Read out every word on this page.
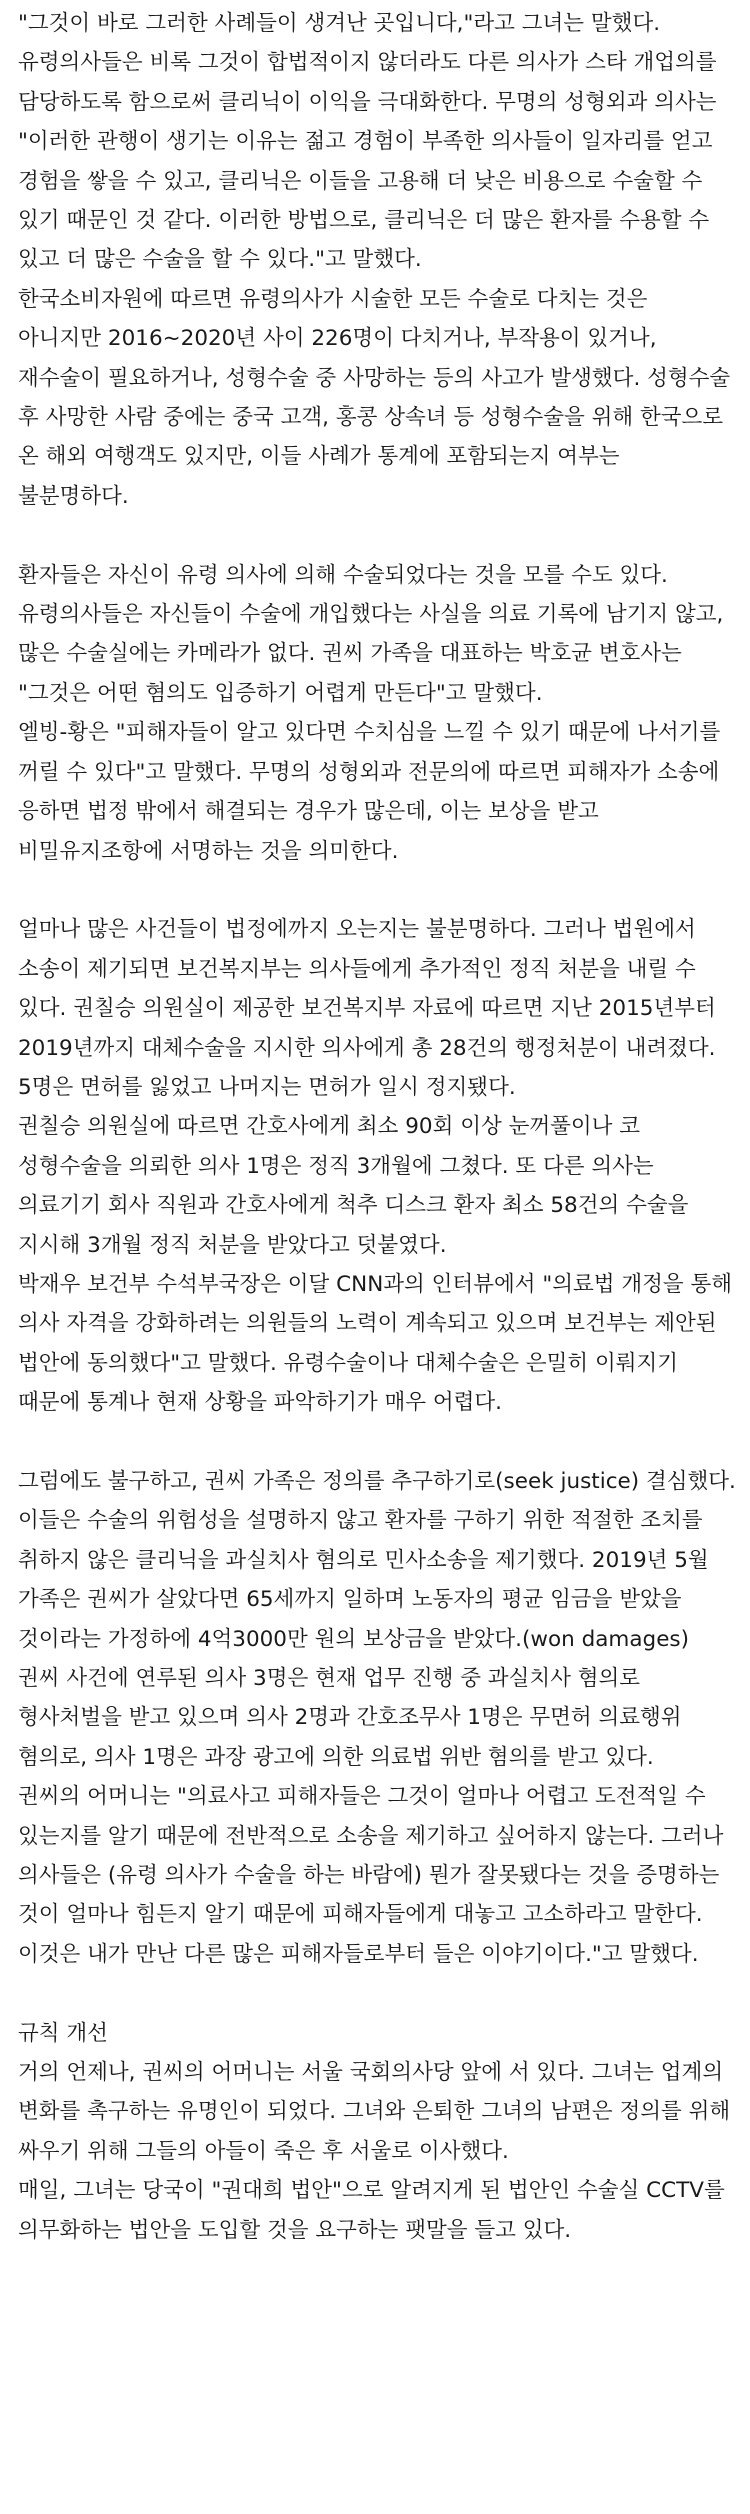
"그것이 바로 그러한 사례들이 생겨난 곳입니다,"라고 그녀는 말했다.

유령의사들은 비록 그것이 합법적이지 않더라도 다른 의사가 스타 개업의를 담당하도록 함으로써 클리닉이 이익을 극대화한다. 무명의 성형외과 의사는 "이러한 관행이 생기는 이유는 젊고 경험이 부족한 의사들이 일자리를 얻고 경험을 쌓을 수 있고, 클리닉은 이들을 고용해 더 낮은 비용으로 수술할 수 있기 때문인 것 같다. 이러한 방법으로, 클리닉은 더 많은 환자를 수용할 수 있고 더 많은 수술을 할 수 있다."고 말했다.

한국소비자원에 따르면 유령의사가 시술한 모든 수술로 다치는 것은 아니지만 2016~2020년 사이 226명이 다치거나, 부작용이 있거나, 재수술이 필요하거나, 성형수술 중 사망하는 등의 사고가 발생했다. 성형수술 후 사망한 사람 중에는 중국 고객, 홍콩 상속녀 등 성형수술을 위해 한국으로 온 해외 여행객도 있지만, 이들 사례가 통계에 포함되는지 여부는 불분명하다.

환자들은 자신이 유령 의사에 의해 수술되었다는 것을 모를 수도 있다. 유령의사들은 자신들이 수술에 개입했다는 사실을 의료 기록에 남기지 않고, 많은 수술실에는 카메라가 없다. 권씨 가족을 대표하는 박호균 변호사는 "그것은 어떤 혐의도 입증하기 어렵게 만든다"고 말했다.

엘빙-황은 "피해자들이 알고 있다면 수치심을 느낄 수 있기 때문에 나서기를 꺼릴 수 있다"고 말했다. 무명의 성형외과 전문의에 따르면 피해자가 소송에 응하면 법정 밖에서 해결되는 경우가 많은데, 이는 보상을 받고 비밀유지조항에 서명하는 것을 의미한다.

얼마나 많은 사건들이 법정에까지 오는지는 불분명하다. 그러나 법원에서 소송이 제기되면 보건복지부는 의사들에게 추가적인 정직 처분을 내릴 수 있다. 권칠승 의원실이 제공한 보건복지부 자료에 따르면 지난 2015년부터 2019년까지 대체수술을 지시한 의사에게 총 28건의 행정처분이 내려졌다. 5명은 면허를 잃었고 나머지는 면허가 일시 정지됐다.

권칠승 의원실에 따르면 간호사에게 최소 90회 이상 눈꺼풀이나 코 성형수술을 의뢰한 의사 1명은 정직 3개월에 그쳤다. 또 다른 의사는 의료기기 회사 직원과 간호사에게 척추 디스크 환자 최소 58건의 수술을 지시해 3개월 정직 처분을 받았다고 덧붙였다.

박재우 보건부 수석부국장은 이달 CNN과의 인터뷰에서 "의료법 개정을 통해 의사 자격을 강화하려는 의원들의 노력이 계속되고 있으며 보건부는 제안된 법안에 동의했다"고 말했다. 유령수술이나 대체수술은 은밀히 이뤄지기 때문에 통계나 현재 상황을 파악하기가 매우 어렵다.

그럼에도 불구하고, 권씨 가족은 정의를 추구하기로(seek justice) 결심했다. 이들은 수술의 위험성을 설명하지 않고 환자를 구하기 위한 적절한 조치를 취하지 않은 클리닉을 과실치사 혐의로 민사소송을 제기했다. 2019년 5월 가족은 권씨가 살았다면 65세까지 일하며 노동자의 평균 임금을 받았을 것이라는 가정하에 4억3000만 원의 보상금을 받았다.(won damages)

권씨 사건에 연루된 의사 3명은 현재 업무 진행 중 과실치사 혐의로 형사처벌을 받고 있으며 의사 2명과 간호조무사 1명은 무면허 의료행위 혐의로, 의사 1명은 과장 광고에 의한 의료법 위반 혐의를 받고 있다.

권씨의 어머니는 "의료사고 피해자들은 그것이 얼마나 어렵고 도전적일 수 있는지를 알기 때문에 전반적으로 소송을 제기하고 싶어하지 않는다. 그러나 의사들은 (유령 의사가 수술을 하는 바람에) 뭔가 잘못됐다는 것을 증명하는 것이 얼마나 힘든지 알기 때문에 피해자들에게 대놓고 고소하라고 말한다. 이것은 내가 만난 다른 많은 피해자들로부터 들은 이야기이다."고 말했다.

규칙 개선

거의 언제나, 권씨의 어머니는 서울 국회의사당 앞에 서 있다. 그녀는 업계의 변화를 촉구하는 유명인이 되었다. 그녀와 은퇴한 그녀의 남편은 정의를 위해 싸우기 위해 그들의 아들이 죽은 후 서울로 이사했다.

매일, 그녀는 당국이 "권대희 법안"으로 알려지게 된 법안인 수술실 CCTV를 의무화하는 법안을 도입할 것을 요구하는 팻말을 들고 있다.
